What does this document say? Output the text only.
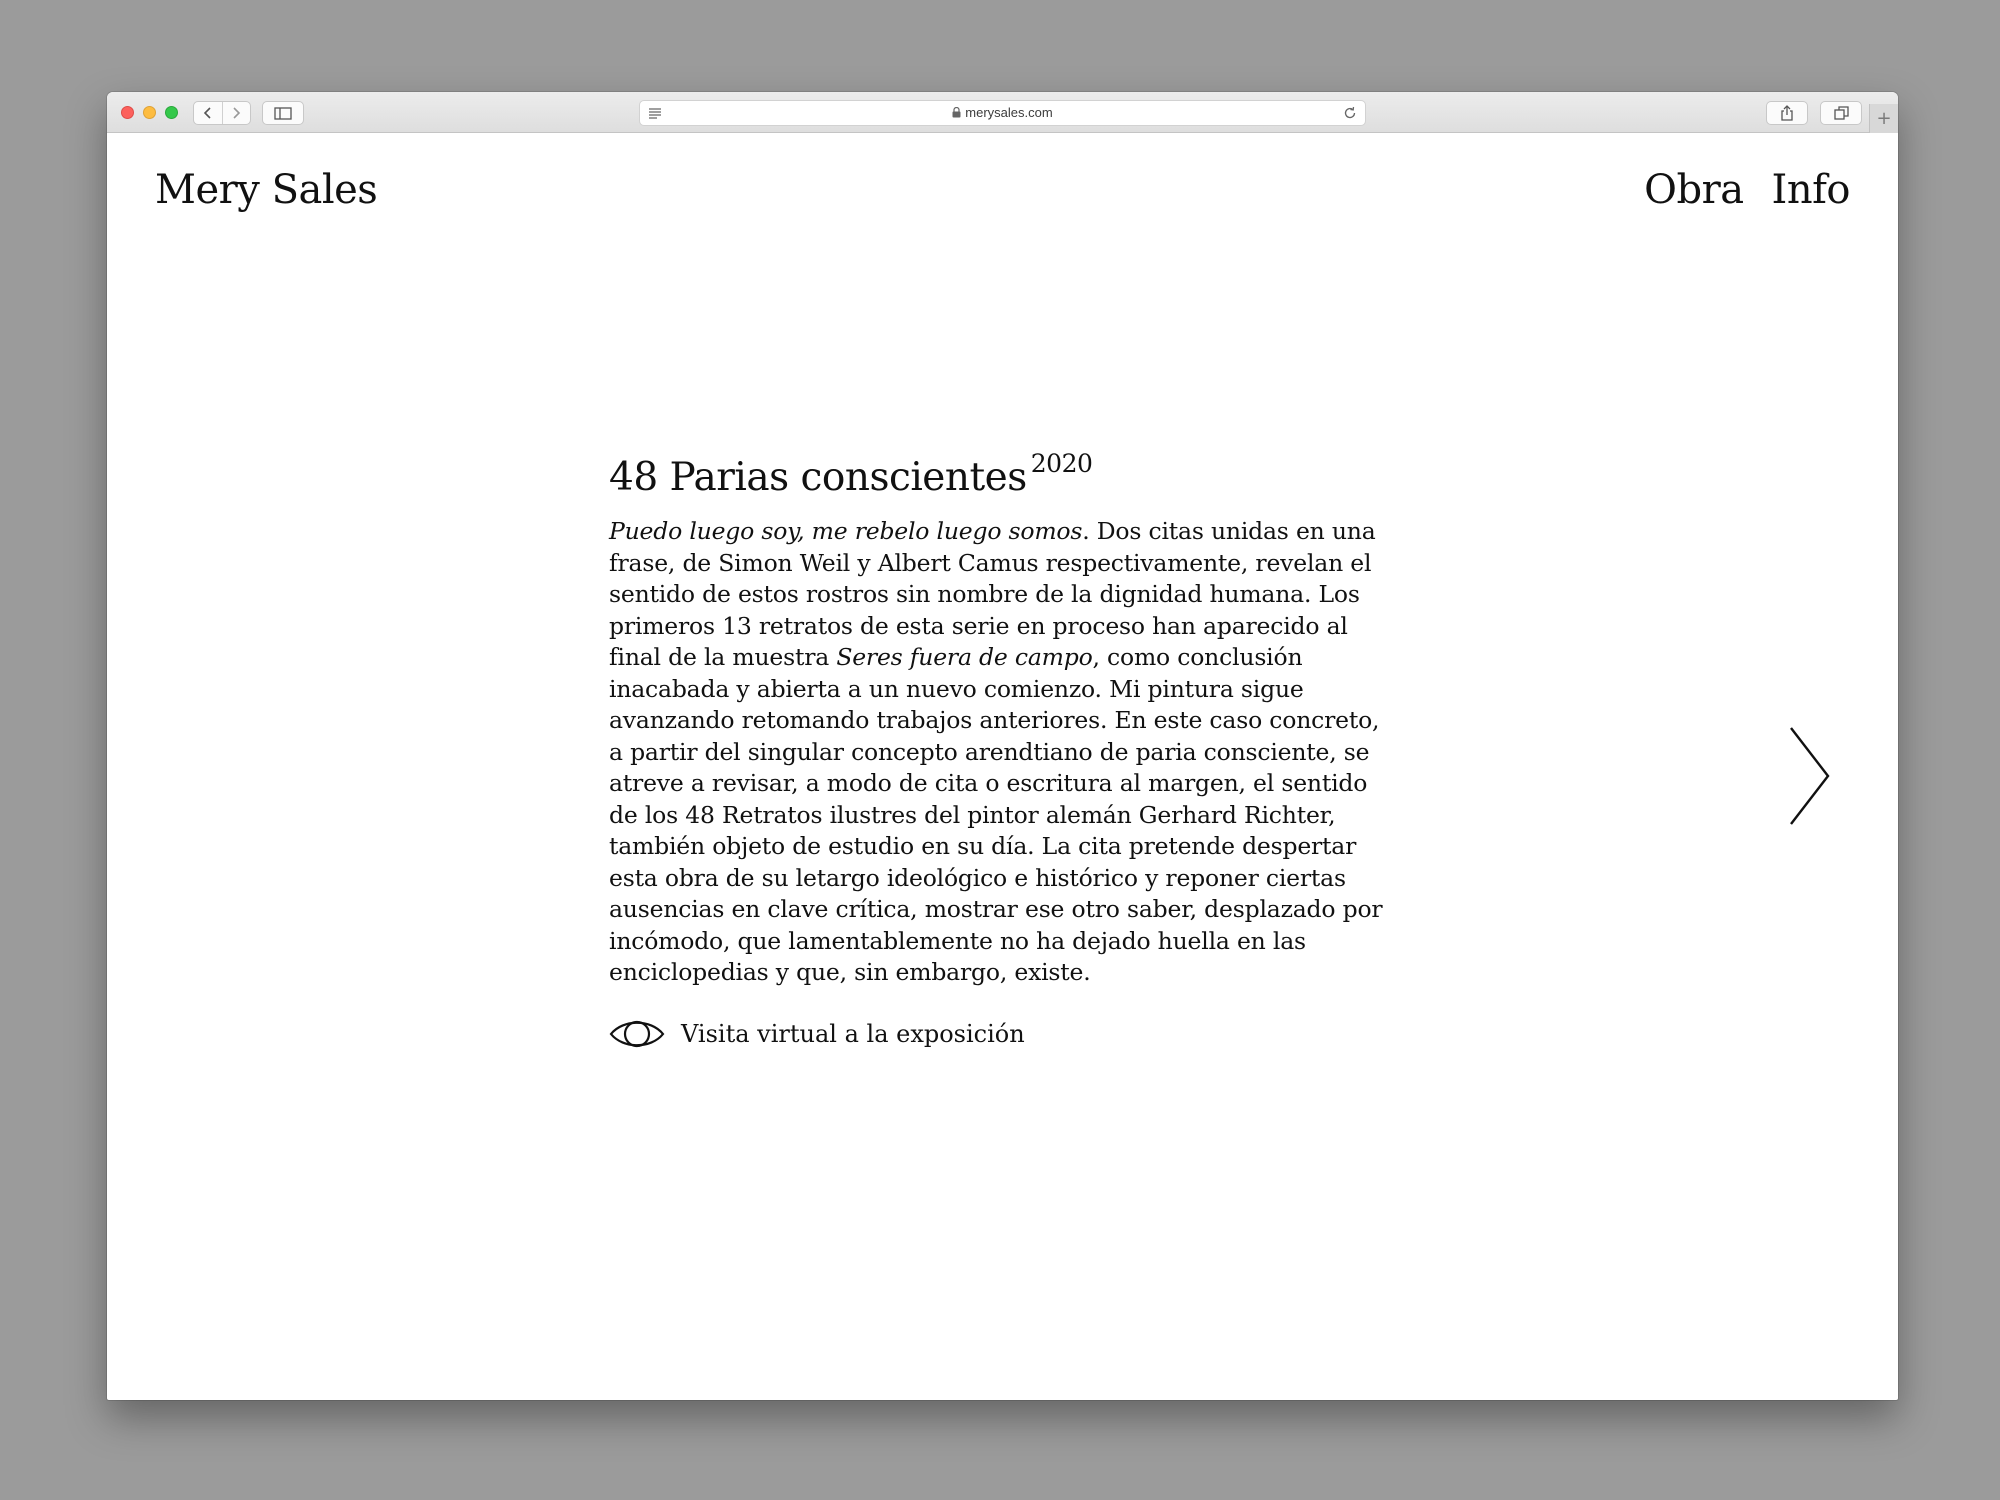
merysales.com	+
Mery Sales	Obra Info
48 Parias conscientes $^{2020}$

Puedo luego soy, me rebelo luego somos. Dos citas unidas en una frase, de Simon Weil y Albert Camus respectivamente, revelan el sentido de estos rostros sin nombre de la dignidad humana. Los primeros 13 retratos de esta serie en proceso han aparecido al final de la muestra Seres fuera de campo, como conclusión inacabada y abierta a un nuevo comienzo. Mi pintura sigue avanzando retomando trabajos anteriores. En este caso concreto, a partir del singular concepto arendtiano de paria consciente, se atreve a revisar, a modo de cita o escritura al margen, el sentido de los 48 Retratos ilustres del pintor alemán Gerhard Richter, también objeto de estudio en su día. La cita pretende despertar esta obra de su letargo ideológico e histórico y reponer ciertas ausencias en clave crítica, mostrar ese otro saber, desplazado por incómodo, que lamentablemente no ha dejado huella en las enciclopedias y que, sin embargo, existe.

Visita virtual a la exposición
